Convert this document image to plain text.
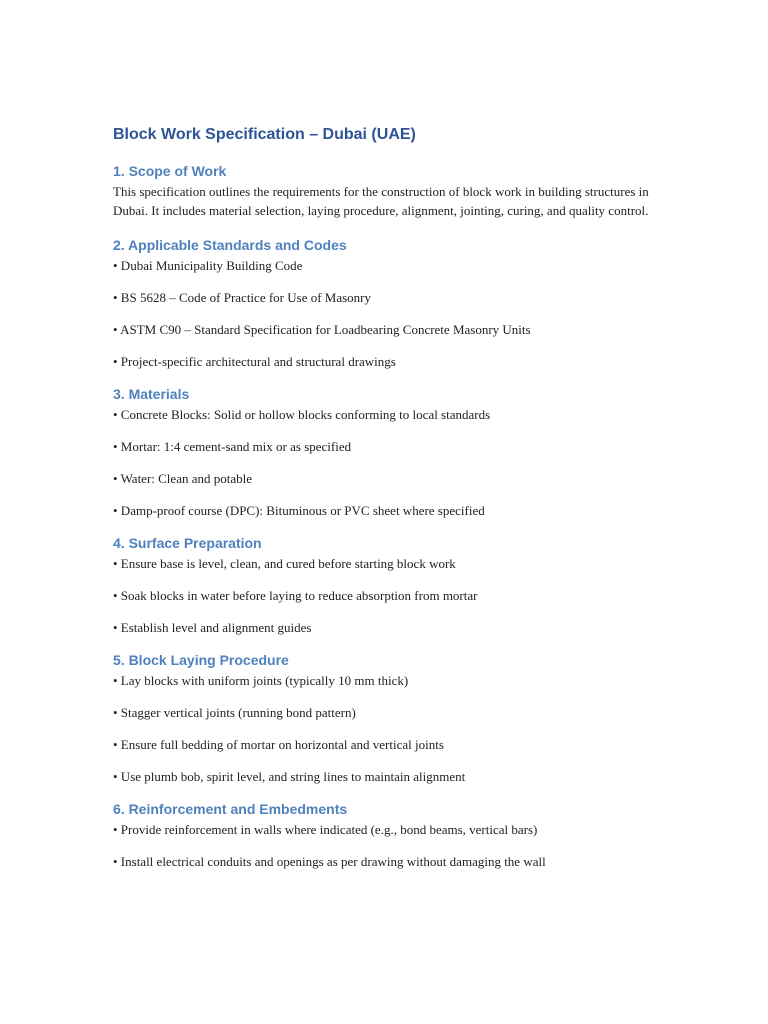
Block Work Specification – Dubai (UAE)
1. Scope of Work

This specification outlines the requirements for the construction of block work in building structures in Dubai. It includes material selection, laying procedure, alignment, jointing, curing, and quality control.

2. Applicable Standards and Codes

• Dubai Municipality Building Code

• BS 5628 – Code of Practice for Use of Masonry

• ASTM C90 – Standard Specification for Loadbearing Concrete Masonry Units

• Project-specific architectural and structural drawings

3. Materials

• Concrete Blocks: Solid or hollow blocks conforming to local standards

• Mortar: 1:4 cement-sand mix or as specified

• Water: Clean and potable

• Damp-proof course (DPC): Bituminous or PVC sheet where specified

4. Surface Preparation

• Ensure base is level, clean, and cured before starting block work

• Soak blocks in water before laying to reduce absorption from mortar

• Establish level and alignment guides

5. Block Laying Procedure

• Lay blocks with uniform joints (typically 10 mm thick)

• Stagger vertical joints (running bond pattern)

• Ensure full bedding of mortar on horizontal and vertical joints

• Use plumb bob, spirit level, and string lines to maintain alignment

6. Reinforcement and Embedments

• Provide reinforcement in walls where indicated (e.g., bond beams, vertical bars)

• Install electrical conduits and openings as per drawing without damaging the wall
